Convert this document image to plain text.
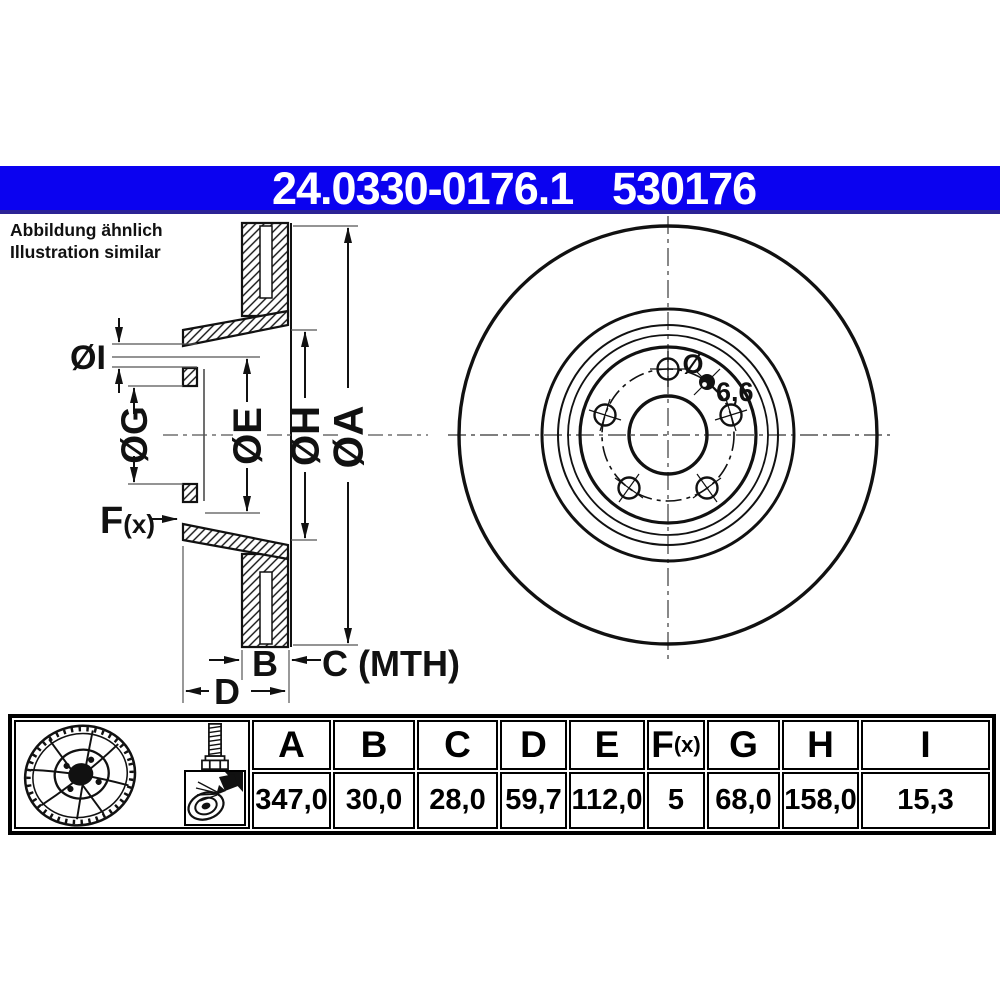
24.0330-0176.1 530176
Abbildung ähnlich
Illustration similar
ØI
ØG ØE ØH
ØA
F(x)
B C (MTH)
D
Ø
6,6
A B C D E F (x) G H I
347,0 30,0 28,0 59,7 112,0 5	68,0 158,0	15,3
